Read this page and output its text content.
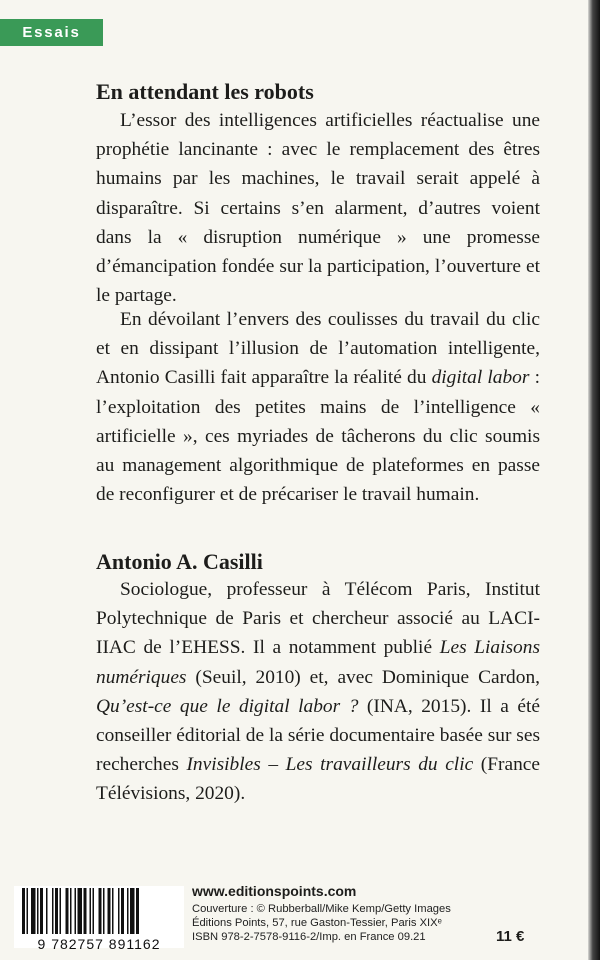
Essais
En attendant les robots

L’essor des intelligences artificielles réactualise une prophétie lancinante : avec le remplacement des êtres humains par les machines, le travail serait appelé à disparaître. Si certains s’en alarment, d’autres voient dans la « disruption numérique » une promesse d’émancipation fondée sur la participation, l’ouverture et le partage.

En dévoilant l’envers des coulisses du travail du clic et en dissipant l’illusion de l’automation intelligente, Antonio Casilli fait apparaître la réalité du digital labor : l’exploitation des petites mains de l’intelligence « artificielle », ces myriades de tâcherons du clic soumis au management algorithmique de plateformes en passe de reconfigurer et de précariser le travail humain.

Antonio A. Casilli

Sociologue, professeur à Télécom Paris, Institut Polytechnique de Paris et chercheur associé au LACI-IIAC de l’EHESS. Il a notamment publié Les Liaisons numériques (Seuil, 2010) et, avec Dominique Cardon, Qu’est-ce que le digital labor ? (INA, 2015). Il a été conseiller éditorial de la série documentaire basée sur ses recherches Invisibles – Les travailleurs du clic (France Télévisions, 2020).

9 782757 891162
www.editionspoints.com
Couverture : © Rubberball/Mike Kemp/Getty Images
Éditions Points, 57, rue Gaston-Tessier, Paris XIXᵉ
ISBN 978-2-7578-9116-2/Imp. en France 09.21	11 €
